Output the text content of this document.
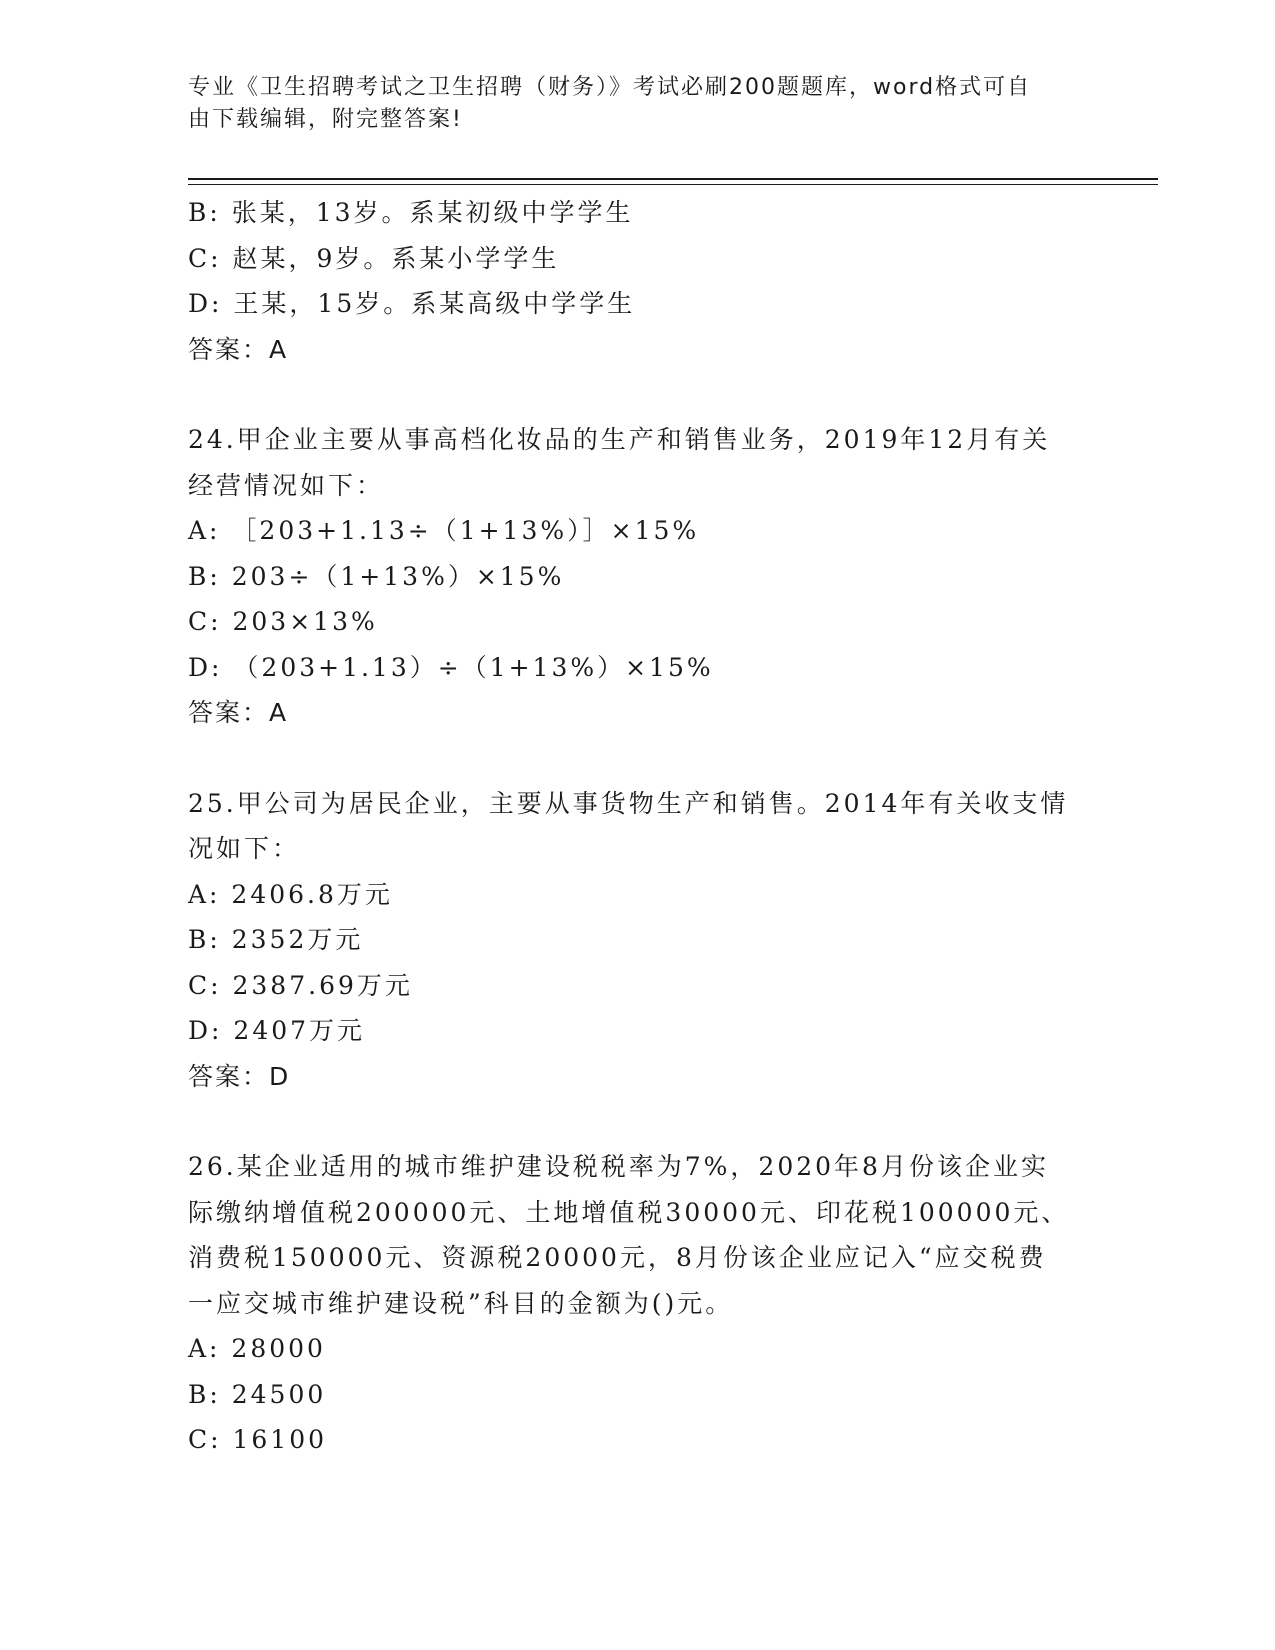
专业《卫生招聘考试之卫生招聘（财务）》考试必刷200题题库，word格式可自
由下载编辑，附完整答案!
B: 张某，13岁。系某初级中学学生
C: 赵某，9岁。系某小学学生
D: 王某，15岁。系某高级中学学生
答案：A
24.甲企业主要从事高档化妆品的生产和销售业务，2019年12月有关
经营情况如下：
A: ［203+1.13÷（1+13%）］×15%
B: 203÷（1+13%）×15%
C: 203×13%
D: （203+1.13）÷（1+13%）×15%
答案：A
25.甲公司为居民企业，主要从事货物生产和销售。2014年有关收支情
况如下：
A: 2406.8万元
B: 2352万元
C: 2387.69万元
D: 2407万元
答案：D
26.某企业适用的城市维护建设税税率为7%，2020年8月份该企业实
际缴纳增值税200000元、土地增值税30000元、印花税100000元、
消费税150000元、资源税20000元，8月份该企业应记入“应交税费
一应交城市维护建设税”科目的金额为()元。
A: 28000
B: 24500
C: 16100
